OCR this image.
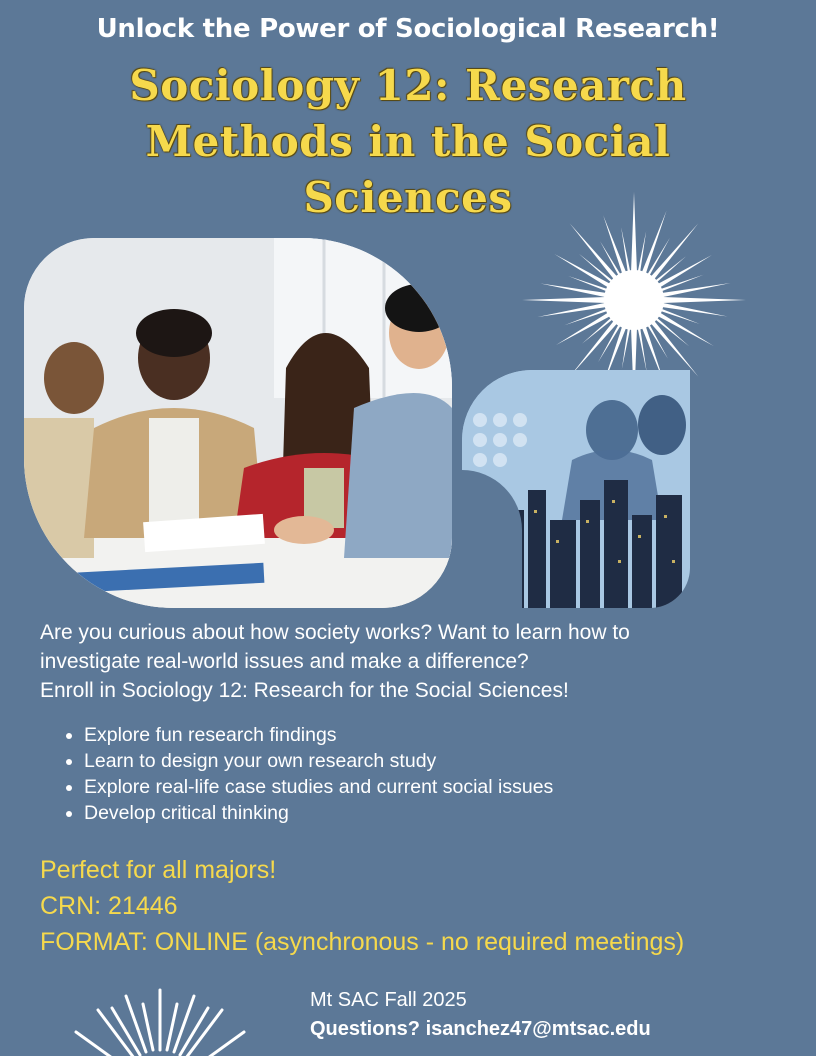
Unlock the Power of Sociological Research!
Sociology 12: Research
Methods in the Social
Sciences

Are you curious about how society works? Want to learn how to

investigate real-world issues and make a difference?

Enroll in Sociology 12: Research for the Social Sciences!

• Explore fun research findings
• Learn to design your own research study
• Explore real-life case studies and current social issues
• Develop critical thinking
Perfect for all majors!
CRN: 21446
FORMAT: ONLINE (asynchronous - no required meetings)
Mt SAC Fall 2025
Questions? isanchez47@mtsac.edu
